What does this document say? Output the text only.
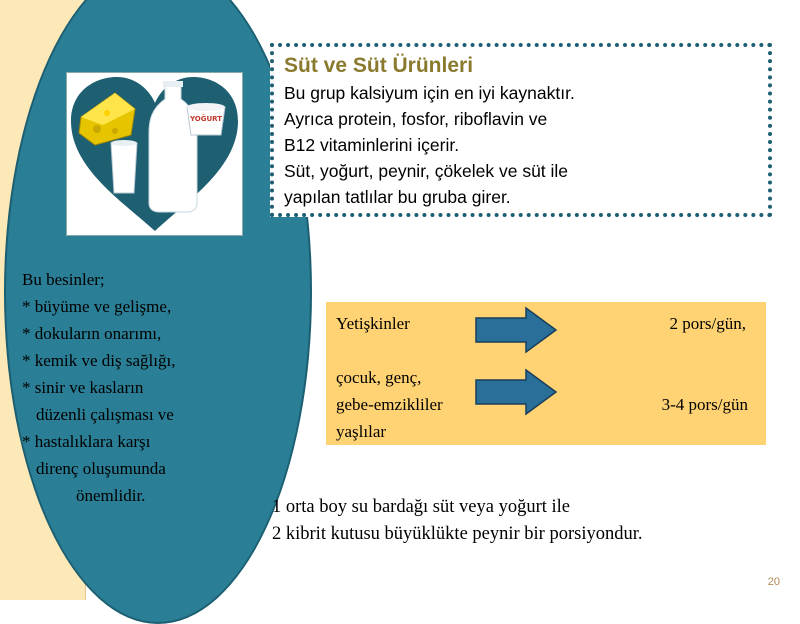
YOĞURT
Bu besinler;
* büyüme ve gelişme,
* dokuların onarımı,
* kemik ve diş sağlığı,
* sinir ve kasların
düzenli çalışması ve
* hastalıklara karşı
direnç oluşumunda
önemlidir.
Süt ve Süt Ürünleri
Bu grup kalsiyum için en iyi kaynaktır.
Ayrıca protein, fosfor, riboflavin ve
B12 vitaminlerini içerir.
Süt, yoğurt, peynir, çökelek ve süt ile
yapılan tatlılar bu gruba girer.
Yetişkinler	2 pors/gün,
çocuk, genç,
gebe-emzikliler
yaşlılar
3-4 pors/gün
1 orta boy su bardağı süt veya yoğurt ile
2 kibrit kutusu büyüklükte peynir bir porsiyondur.
20
